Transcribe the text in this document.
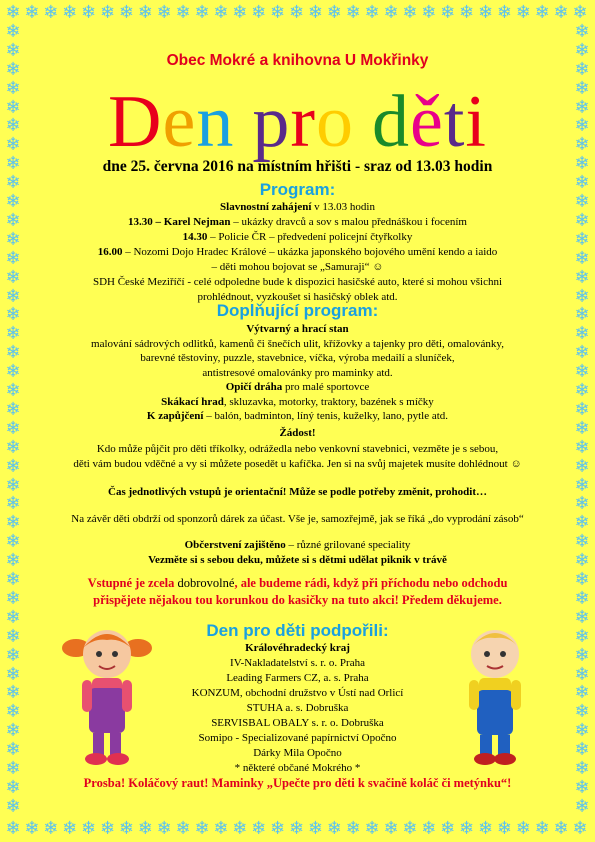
❄
❄
❄
❄
❄
❄
❄
❄
❄
❄
❄
❄
❄
❄
❄
❄
❄
❄
❄
❄
❄
❄
❄
❄
❄
❄
❄
❄
❄
❄
❄
❄
❄
❄
❄
❄
❄
❄
❄
❄
❄
❄
❄
❄
❄
❄
❄
❄
❄
❄
❄
❄
❄
❄
❄
❄
❄
❄
❄
❄
❄
❄
❄	❄
❄	❄
❄	❄
❄	❄
❄	❄
❄	❄
❄	❄
❄	❄
❄	❄
❄	❄
❄	❄
❄	❄
❄	❄
❄	❄
❄	❄
❄	❄
❄	❄
❄	❄
❄	❄
❄	❄
❄	❄
❄	❄
❄	❄
❄	❄
❄	❄
❄	❄
❄	❄
❄	❄
❄	❄
❄	❄
❄	❄
❄	❄
❄	❄
❄	❄
❄	❄
❄	❄
❄	❄
❄	❄
❄	❄
❄	❄
❄	❄
❄	❄
Obec Mokré a knihovna U Mokřinky
Den pro děti
dne 25. června 2016 na místním hřišti - sraz od 13.03 hodin
Program:
Slavnostní zahájení v 13.03 hodin
13.30 – Karel Nejman – ukázky dravců a sov s malou přednáškou i focením
14.30 – Policie ČR – předvedení policejní čtyřkolky
16.00 – Nozomi Dojo Hradec Králové – ukázka japonského bojového umění kendo a iaido
– děti mohou bojovat se „Samuraji“ ☺
SDH České Meziříčí - celé odpoledne bude k dispozici hasičské auto, které si mohou všichni
prohlédnout, vyzkoušet si hasičský oblek atd.
Doplňující program:
Výtvarný a hrací stan
malování sádrových odlitků, kamenů či šnečích ulit, křížovky a tajenky pro děti, omalovánky,
barevné těstoviny, puzzle, stavebnice, víčka, výroba medailí a sluníček,
antistresové omalovánky pro maminky atd.
Opičí dráha pro malé sportovce
Skákací hrad, skluzavka, motorky, traktory, bazének s míčky
K zapůjčení – balón, badminton, líný tenis, kuželky, lano, pytle atd.
Žádost!
Kdo může půjčit pro děti tříkolky, odrážedla nebo venkovní stavebnici, vezměte je s sebou,
děti vám budou vděčné a vy si můžete posedět u kafíčka. Jen si na svůj majetek musíte dohlédnout ☺
Čas jednotlivých vstupů je orientační! Může se podle potřeby změnit, prohodit…
Na závěr děti obdrží od sponzorů dárek za účast. Vše je, samozřejmě, jak se říká „do vyprodání zásob“
Občerstvení zajištěno – různé grilované speciality
Vezměte si s sebou deku, můžete si s dětmi udělat piknik v trávě
Vstupné je zcela dobrovolné, ale budeme rádi, když při příchodu nebo odchodu
přispějete nějakou tou korunkou do kasičky na tuto akci! Předem děkujeme.
Den pro děti podpořili:
Královéhradecký kraj
IV-Nakladatelství s. r. o. Praha
Leading Farmers CZ, a. s. Praha
KONZUM, obchodní družstvo v Ústí nad Orlicí
STUHA a. s. Dobruška
SERVISBAL OBALY s. r. o. Dobruška
Somipo - Specializované papírnictví Opočno
Dárky Mila Opočno
* některé občané Mokrého *
Prosba! Koláčový raut! Maminky „Upečte pro děti k svačině koláč či metýnku“!
